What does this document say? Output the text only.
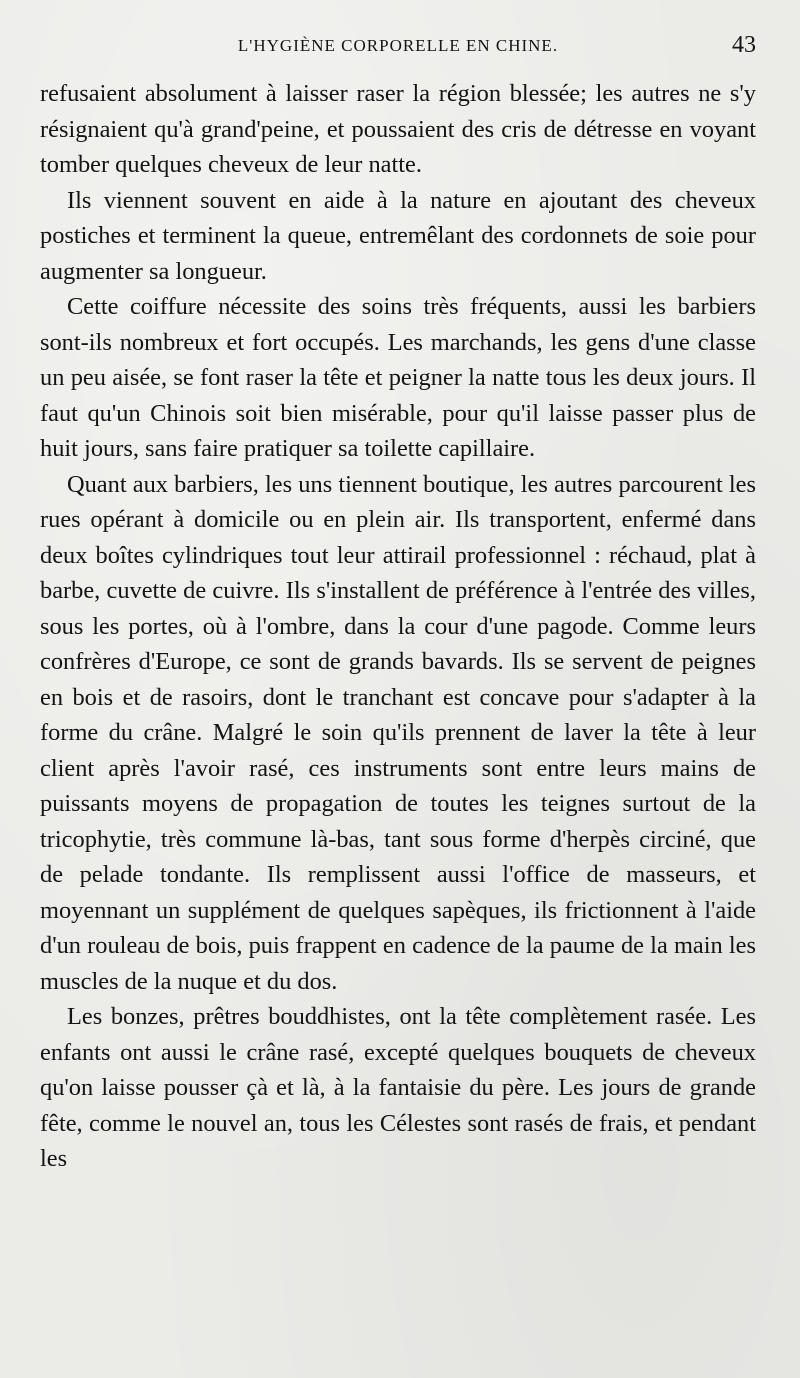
L'HYGIÈNE CORPORELLE EN CHINE.	43

refusaient absolument à laisser raser la région blessée; les autres ne s'y résignaient qu'à grand'peine, et poussaient des cris de détresse en voyant tomber quelques cheveux de leur natte.

Ils viennent souvent en aide à la nature en ajoutant des cheveux postiches et terminent la queue, entremêlant des cordonnets de soie pour augmenter sa longueur.

Cette coiffure nécessite des soins très fréquents, aussi les barbiers sont-ils nombreux et fort occupés. Les marchands, les gens d'une classe un peu aisée, se font raser la tête et peigner la natte tous les deux jours. Il faut qu'un Chinois soit bien misérable, pour qu'il laisse passer plus de huit jours, sans faire pratiquer sa toilette capillaire.

Quant aux barbiers, les uns tiennent boutique, les autres parcourent les rues opérant à domicile ou en plein air. Ils transportent, enfermé dans deux boîtes cylindriques tout leur attirail professionnel : réchaud, plat à barbe, cuvette de cuivre. Ils s'installent de préférence à l'entrée des villes, sous les portes, où à l'ombre, dans la cour d'une pagode. Comme leurs confrères d'Europe, ce sont de grands bavards. Ils se servent de peignes en bois et de rasoirs, dont le tranchant est concave pour s'adapter à la forme du crâne. Malgré le soin qu'ils prennent de laver la tête à leur client après l'avoir rasé, ces instruments sont entre leurs mains de puissants moyens de propagation de toutes les teignes surtout de la tricophytie, très commune là-bas, tant sous forme d'herpès circiné, que de pelade tondante. Ils remplissent aussi l'office de masseurs, et moyennant un supplément de quelques sapèques, ils frictionnent à l'aide d'un rouleau de bois, puis frappent en cadence de la paume de la main les muscles de la nuque et du dos.

Les bonzes, prêtres bouddhistes, ont la tête complètement rasée. Les enfants ont aussi le crâne rasé, excepté quelques bouquets de cheveux qu'on laisse pousser çà et là, à la fantaisie du père. Les jours de grande fête, comme le nouvel an, tous les Célestes sont rasés de frais, et pendant les
